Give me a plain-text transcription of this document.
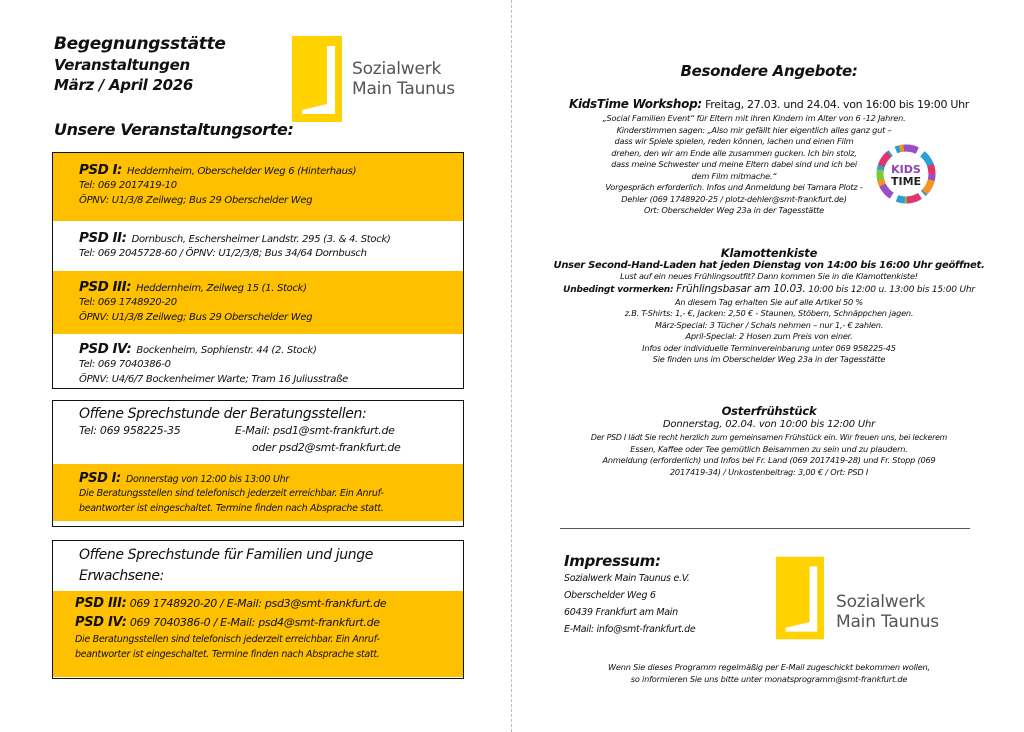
Begegnungsstätte
Veranstaltungen
März / April 2026
Sozialwerk
Main Taunus
Unsere Veranstaltungsorte:
PSD I: Heddernheim, Oberschelder Weg 6 (Hinterhaus)
Tel: 069 2017419-10
ÖPNV: U1/3/8 Zeilweg; Bus 29 Oberschelder Weg
PSD II: Dornbusch, Eschersheimer Landstr. 295 (3. & 4. Stock)
Tel: 069 2045728-60 / ÖPNV: U1/2/3/8; Bus 34/64 Dornbusch
PSD III: Heddernheim, Zeilweg 15 (1. Stock)
Tel: 069 1748920-20
ÖPNV: U1/3/8 Zeilweg; Bus 29 Oberschelder Weg
PSD IV: Bockenheim, Sophienstr. 44 (2. Stock)
Tel: 069 7040386-0
ÖPNV: U4/6/7 Bockenheimer Warte; Tram 16 Juliusstraße
Offene Sprechstunde der Beratungsstellen:
Tel: 069 958225-35	E-Mail: psd1@smt-frankfurt.de
oder psd2@smt-frankfurt.de
PSD I: Donnerstag von 12:00 bis 13:00 Uhr
Die Beratungsstellen sind telefonisch jederzeit erreichbar. Ein Anruf-
beantworter ist eingeschaltet. Termine finden nach Absprache statt.
Offene Sprechstunde für Familien und junge
Erwachsene:
PSD III: 069 1748920-20 / E-Mail: psd3@smt-frankfurt.de
PSD IV: 069 7040386-0 / E-Mail: psd4@smt-frankfurt.de
Die Beratungsstellen sind telefonisch jederzeit erreichbar. Ein Anruf-
beantworter ist eingeschaltet. Termine finden nach Absprache statt.
Besondere Angebote:
KidsTime Workshop: Freitag, 27.03. und 24.04. von 16:00 bis 19:00 Uhr
„Social Familien Event“ für Eltern mit ihren Kindern im Alter von 6 -12 Jahren.
Kinderstimmen sagen: „Also mir gefällt hier eigentlich alles ganz gut –
dass wir Spiele spielen, reden können, lachen und einen Film
drehen, den wir am Ende alle zusammen gucken. Ich bin stolz,
dass meine Schwester und meine Eltern dabei sind und ich bei
dem Film mitmache.“
Vorgespräch erforderlich. Infos und Anmeldung bei Tamara Plotz -
Dehler (069 1748920-25 / plotz-dehler@smt-frankfurt.de)
Ort: Oberschelder Weg 23a in der Tagesstätte
KIDS
TIME
Klamottenkiste
Unser Second-Hand-Laden hat jeden Dienstag von 14:00 bis 16:00 Uhr geöffnet.
Lust auf ein neues Frühlingsoutfit? Dann kommen Sie in die Klamottenkiste!
Unbedingt vormerken: Frühlingsbasar am 10.03. 10:00 bis 12:00 u. 13:00 bis 15:00 Uhr
An diesem Tag erhalten Sie auf alle Artikel 50 %
z.B. T-Shirts: 1,- €, Jacken: 2,50 € - Staunen, Stöbern, Schnäppchen jagen.
März-Special: 3 Tücher / Schals nehmen – nur 1,- € zahlen.
April-Special: 2 Hosen zum Preis von einer.
Infos oder individuelle Terminvereinbarung unter 069 958225-45
Sie finden uns im Oberschelder Weg 23a in der Tagesstätte
Osterfrühstück
Donnerstag, 02.04. von 10:00 bis 12:00 Uhr
Der PSD I lädt Sie recht herzlich zum gemeinsamen Frühstück ein. Wir freuen uns, bei leckerem
Essen, Kaffee oder Tee gemütlich Beisammen zu sein und zu plaudern.
Anmeldung (erforderlich) und Infos bei Fr. Land (069 2017419-28) und Fr. Stopp (069
2017419-34) / Unkostenbeitrag: 3,00 € / Ort: PSD I
Impressum:
Sozialwerk Main Taunus e.V.
Oberschelder Weg 6
60439 Frankfurt am Main
E-Mail: info@smt-frankfurt.de
Sozialwerk
Main Taunus
Wenn Sie dieses Programm regelmäßig per E-Mail zugeschickt bekommen wollen,
so informieren Sie uns bitte unter monatsprogramm@smt-frankfurt.de
